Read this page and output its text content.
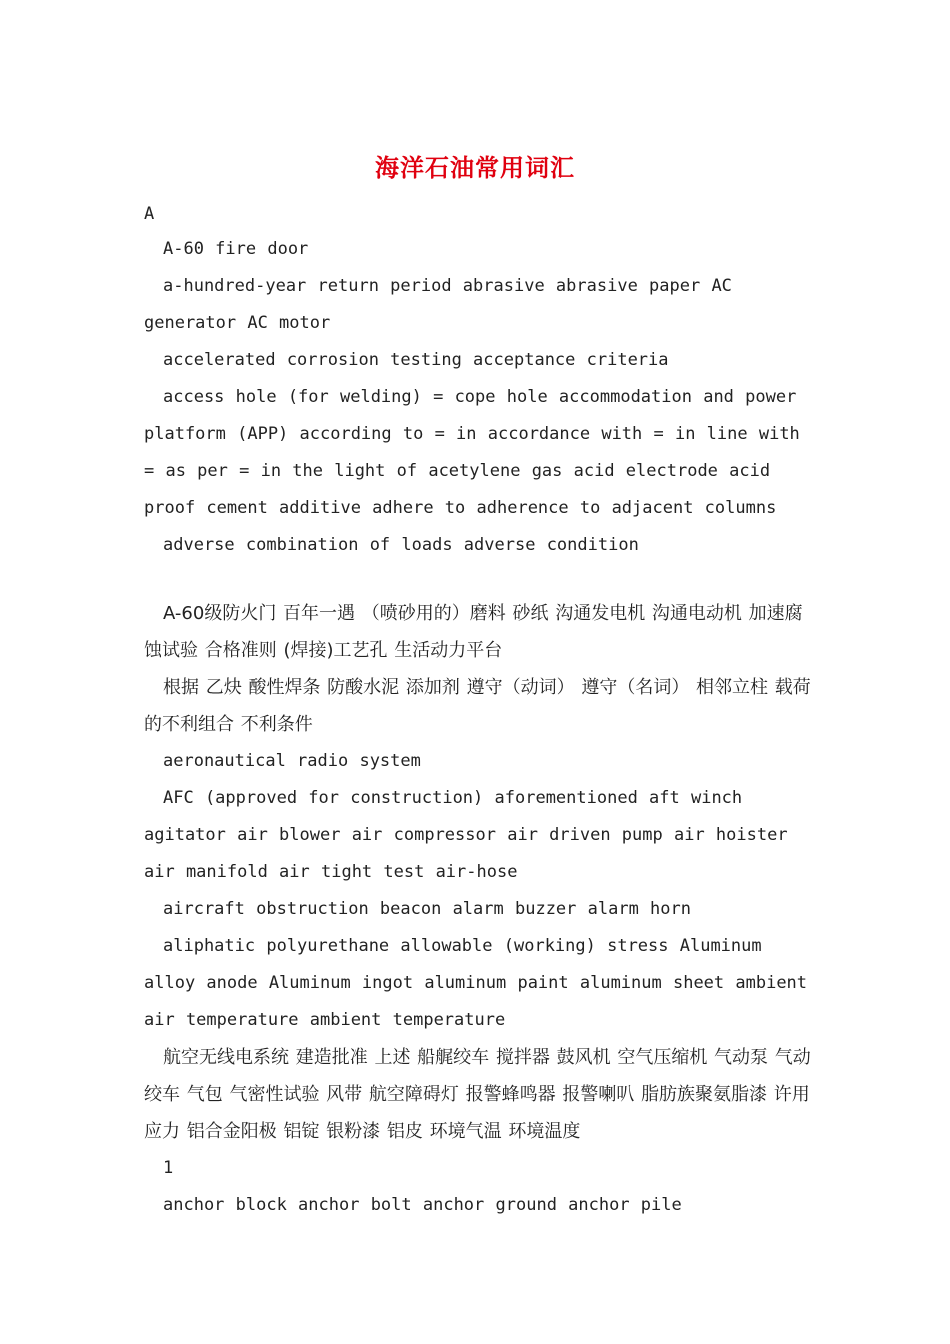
海洋石油常用词汇

A

A-60 fire door

a-hundred-year return period abrasive abrasive paper AC generator AC motor

accelerated corrosion testing acceptance criteria

access hole (for welding) = cope hole accommodation and power platform (APP) according to = in accordance with = in line with = as per = in the light of acetylene gas acid electrode acid proof cement additive adhere to adherence to adjacent columns

adverse combination of loads adverse condition

A-60级防火门 百年一遇 （喷砂用的）磨料 砂纸 沟通发电机 沟通电动机 加速腐蚀试验 合格准则 (焊接)工艺孔 生活动力平台

根据 乙炔 酸性焊条 防酸水泥 添加剂 遵守（动词） 遵守（名词） 相邻立柱 载荷的不利组合 不利条件

aeronautical radio system

AFC (approved for construction) aforementioned aft winch agitator air blower air compressor air driven pump air hoister air manifold air tight test air-hose

aircraft obstruction beacon alarm buzzer alarm horn

aliphatic polyurethane allowable (working) stress Aluminum alloy anode Aluminum ingot aluminum paint aluminum sheet ambient air temperature ambient temperature

航空无线电系统 建造批准 上述 船艉绞车 搅拌器 鼓风机 空气压缩机 气动泵 气动绞车 气包 气密性试验 风带 航空障碍灯 报警蜂鸣器 报警喇叭 脂肪族聚氨脂漆 许用应力 铝合金阳极 铝锭 银粉漆 铝皮 环境气温 环境温度

1

anchor block anchor bolt anchor ground anchor pile
